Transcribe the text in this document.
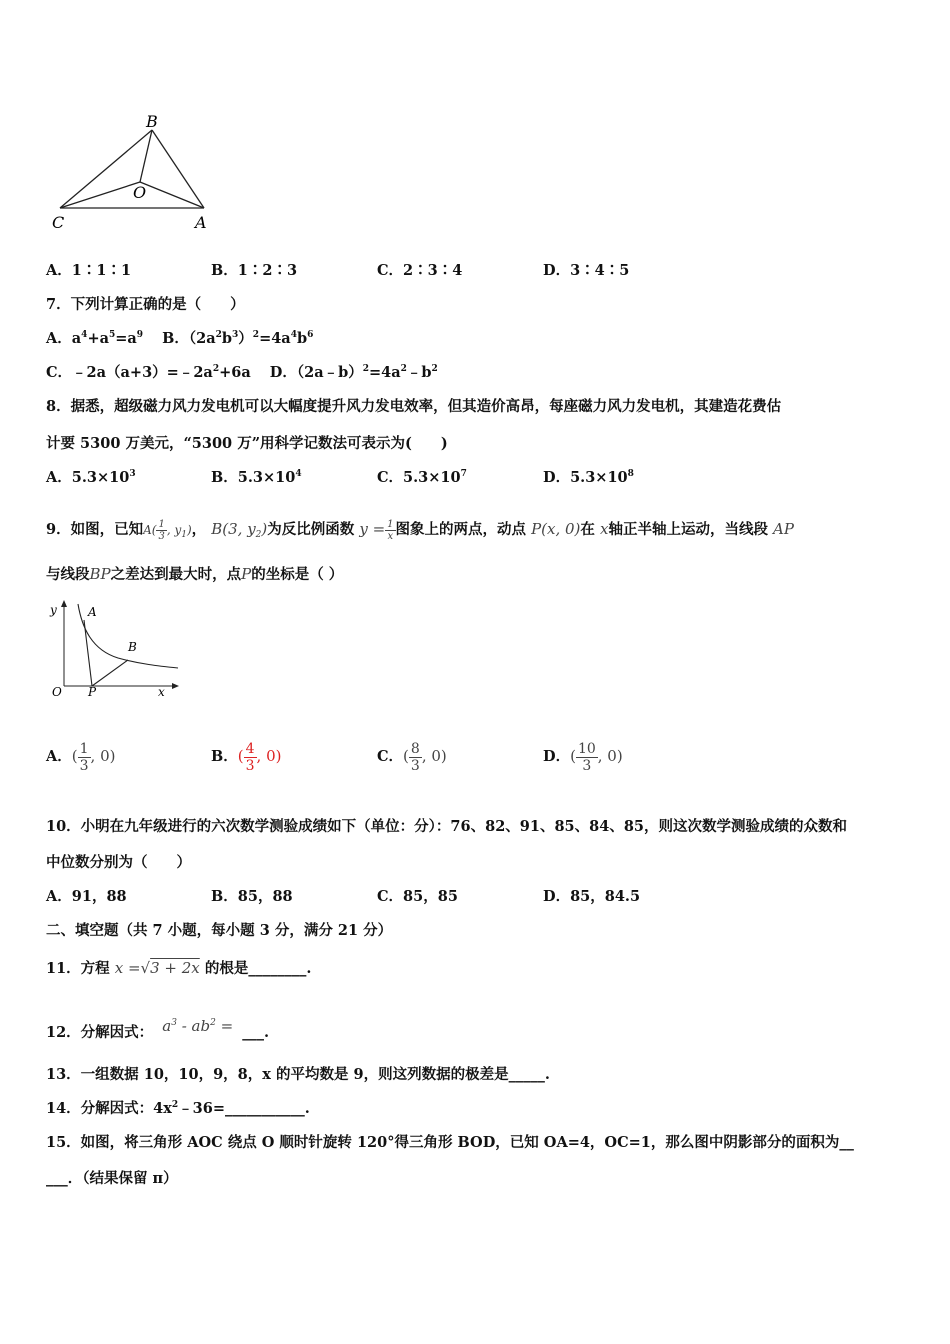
B
O
C	A
A．1∶1∶1	B．1∶2∶3	C．2∶3∶4	D．3∶4∶5
7．下列计算正确的是（　　）
A．$a^4+a^5=a^9$ B．$(2a^2b^3)^2=4a^4b^6$
C．$﹣2a(a+3)=﹣2a^2+6a$ D．$(2a﹣b)^2=4a^2﹣b^2$
8．据悉，超级磁力风力发电机可以大幅度提升风力发电效率，但其造价高昂，每座磁力风力发电机，其建造花费估
计要 5300 万美元，“5300 万”用科学记数法可表示为(　　)
A．$5.3\times 10^3$	B．$5.3\times 10^4$	C．$5.3\times 10^7$	D．$5.3\times 10^8$
9．如图，已知$A( \frac{1}{3}$ , $y_1$)， B(3, $y_2$)为反比例函数 $y = \frac{1}{x}$ 图象上的两点，动点 P(x, 0)在 x轴正半轴上运动，当线段 AP
与线段BP之差达到最大时，点P的坐标是（ ）
y	A
B
O P	x
A．( $\frac{1}{3}$ , 0)	B．( $\frac{4}{3}$ , 0)	C．( $\frac{8}{3}$ , 0)	D．( $\frac{10}{3}$ , 0)
10．小明在九年级进行的六次数学测验成绩如下（单位：分）：76、82、91、85、84、85，则这次数学测验成绩的众数和
中位数分别为（　　）
A．91，88	B．85，88	C．85，85	D．85，84.5
二、填空题（共 7 小题，每小题 3 分，满分 21 分）
11．方程 x =√3 + 2x 的根是________.
12．分解因式： $a^3 - ab^2$ = ___.
13．一组数据 10，10，9，8，x 的平均数是 9，则这列数据的极差是_____.
14．分解因式：$4x^2﹣36=\_\_\_\_\_\_\_\_\_\_\_$.
15．如图，将三角形 AOC 绕点 O 顺时针旋转 120°得三角形 BOD，已知 OA=4，OC=1，那么图中阴影部分的面积为__
___．（结果保留 π）
